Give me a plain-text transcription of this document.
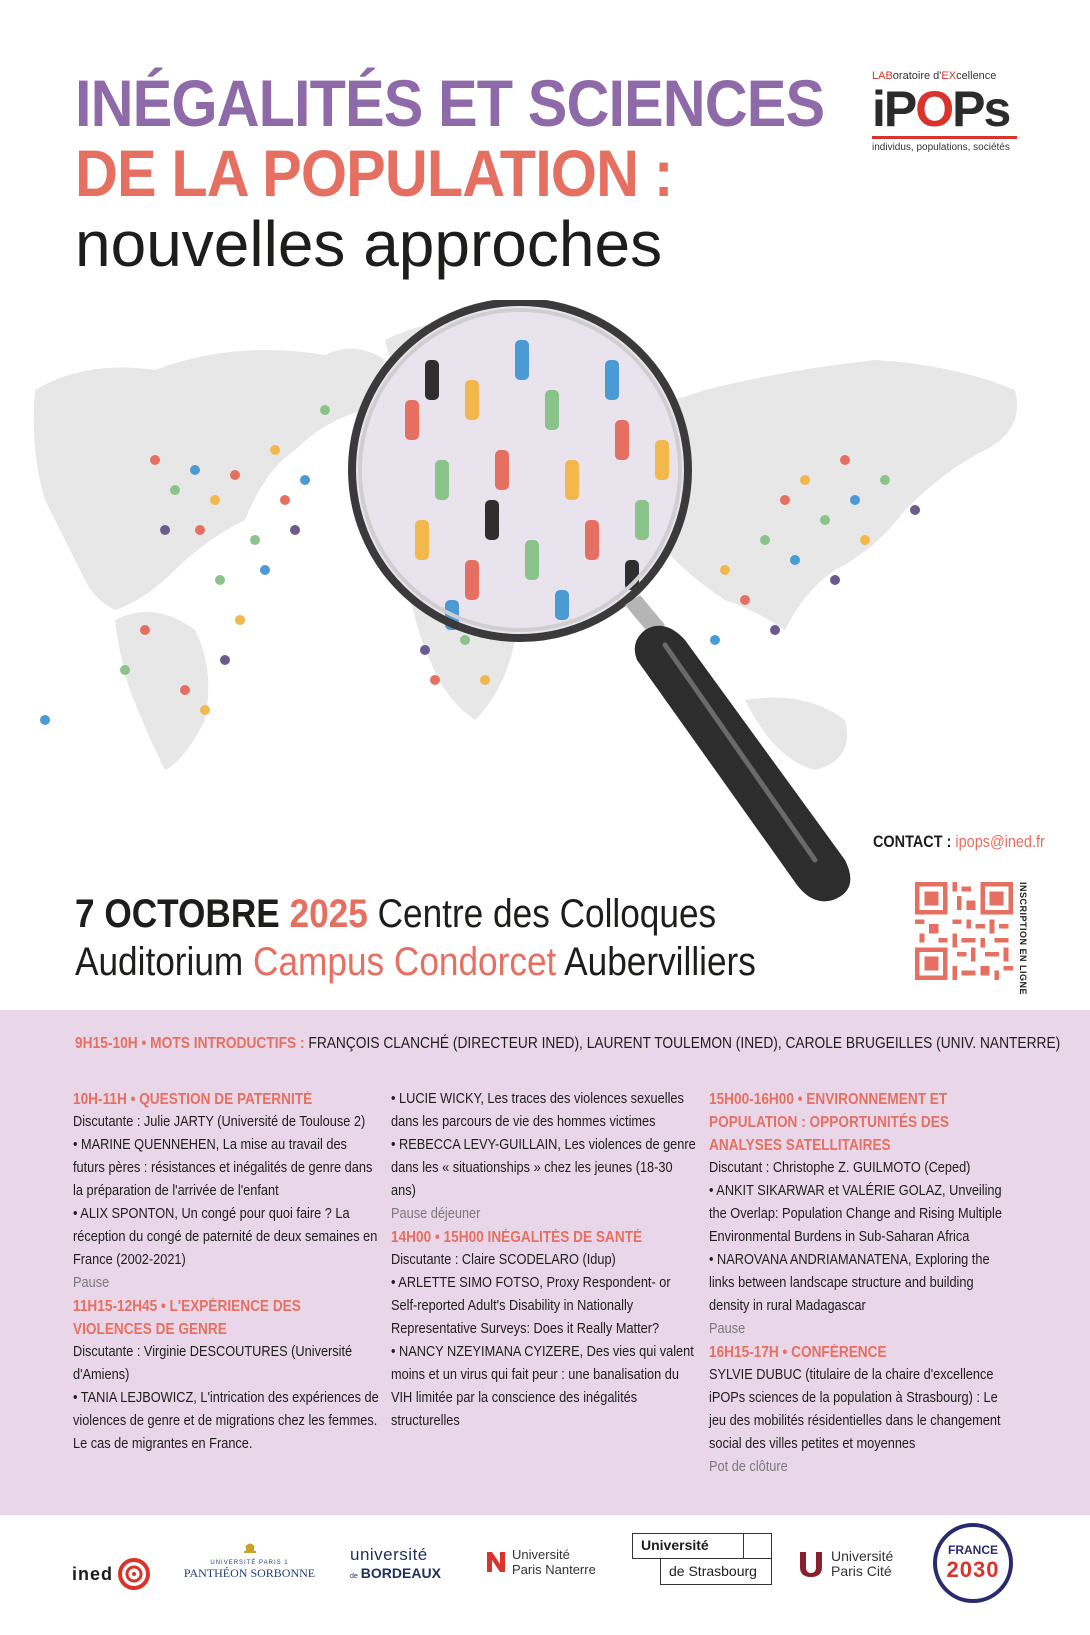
INÉGALITÉS ET SCIENCES
DE LA POPULATION :
nouvelles approches
LABoratoire d'EXcellence
iPOPs
individus, populations, sociétés
CONTACT : ipops@ined.fr
7 OCTOBRE 2025 Centre des Colloques
Auditorium Campus Condorcet Aubervilliers	INSCRIPTION EN LIGNE
9H15-10H • MOTS INTRODUCTIFS : FRANÇOIS CLANCHÉ (DIRECTEUR INED), LAURENT TOULEMON (INED), CAROLE BRUGEILLES (UNIV. NANTERRE)

10H-11H • QUESTION DE PATERNITÉ

Discutante : Julie JARTY (Université de Toulouse 2)

• MARINE QUENNEHEN, La mise au travail des futurs pères : résistances et inégalités de genre dans la préparation de l'arrivée de l'enfant

• ALIX SPONTON, Un congé pour quoi faire ? La réception du congé de paternité de deux semaines en France (2002-2021)

Pause

11H15-12H45 • L'EXPÉRIENCE DES VIOLENCES DE GENRE

Discutante : Virginie DESCOUTURES (Université d'Amiens)

• TANIA LEJBOWICZ, L'intrication des expériences de violences de genre et de migrations chez les femmes. Le cas de migrantes en France.

• LUCIE WICKY, Les traces des violences sexuelles dans les parcours de vie des hommes victimes

• REBECCA LEVY-GUILLAIN, Les violences de genre dans les « situationships » chez les jeunes (18-30 ans)

Pause déjeuner

14H00 • 15H00 INÉGALITÉS DE SANTÉ

Discutante : Claire SCODELARO (Idup)

• ARLETTE SIMO FOTSO, Proxy Respondent- or Self-reported Adult's Disability in Nationally Representative Surveys: Does it Really Matter?

• NANCY NZEYIMANA CYIZERE, Des vies qui valent moins et un virus qui fait peur : une banalisation du VIH limitée par la conscience des inégalités structurelles

15H00-16H00 • ENVIRONNEMENT ET POPULATION : OPPORTUNITÉS DES ANALYSES SATELLITAIRES

Discutant : Christophe Z. GUILMOTO (Ceped)

• ANKIT SIKARWAR et VALÉRIE GOLAZ, Unveiling the Overlap: Population Change and Rising Multiple Environmental Burdens in Sub-Saharan Africa

• NAROVANA ANDRIAMANATENA, Exploring the links between landscape structure and building density in rural Madagascar

Pause

16H15-17H • CONFÉRENCE

SYLVIE DUBUC (titulaire de la chaire d'excellence iPOPs sciences de la population à Strasbourg) : Le jeu des mobilités résidentielles dans le changement social des villes petites et moyennes

Pot de clôture

ined
UNIVERSITÉ PARIS 1
PANTHÉON SORBONNE
université
de BORDEAUX
Université
Paris Nanterre
Université
de Strasbourg
Université
Paris Cité
FRANCE
2030
